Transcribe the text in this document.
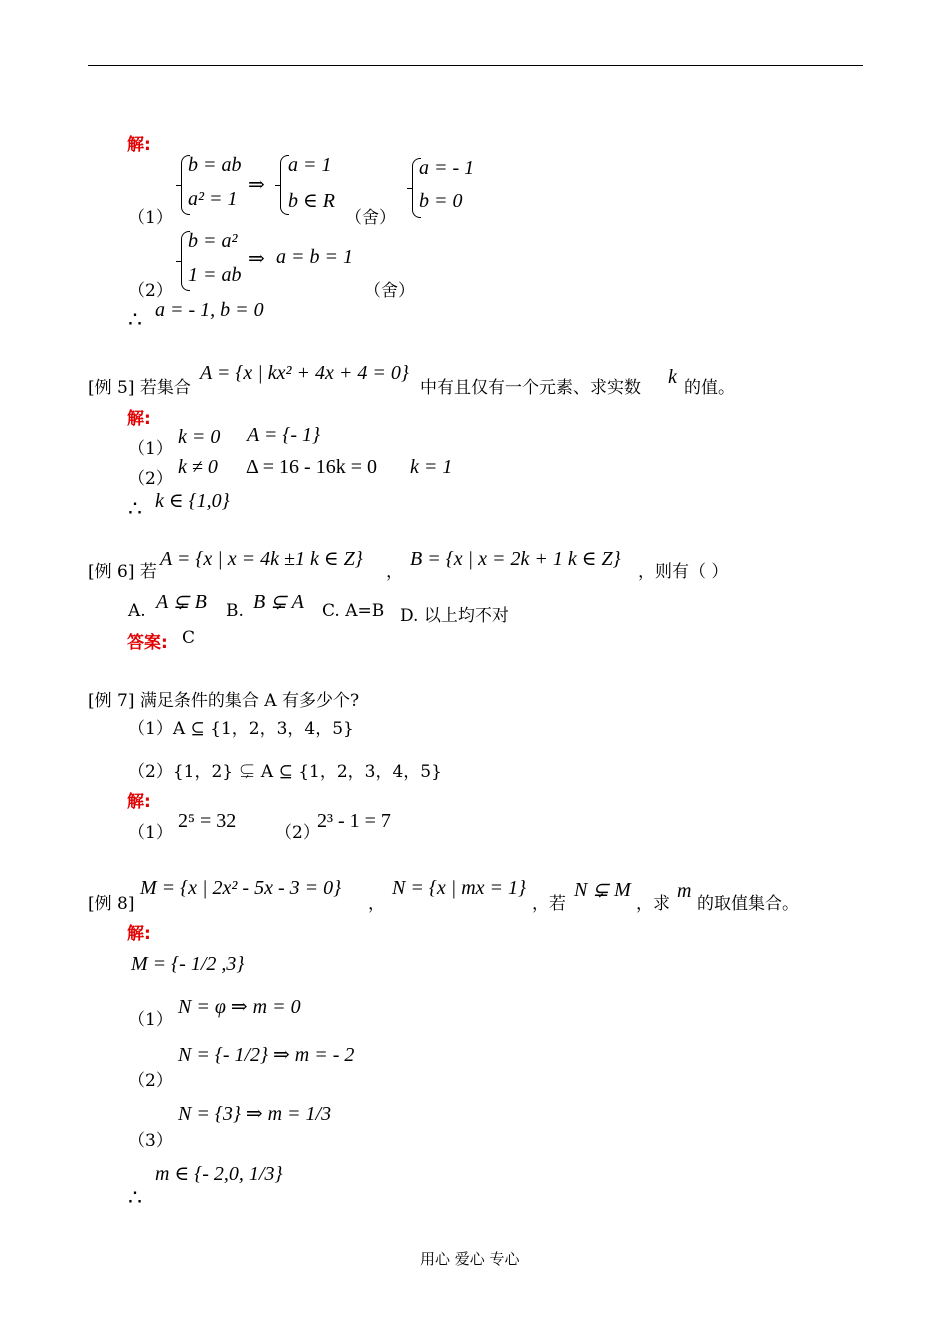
解:
（1）
b = ab
a² = 1
⇒
a = 1
b ∈ R
（舍）
a = - 1
b = 0
（2）
b = a²
1 = ab
⇒ a = b = 1
（舍）
∴ a = - 1, b = 0
[例 5] 若集合
A = {x | kx² + 4x + 4 = 0}
中有且仅有一个元素、求实数 k 的值。
解:
（1）
k = 0 A = {- 1}
（2）
k ≠ 0 Δ = 16 - 16k = 0 k = 1
∴ k ∈ {1,0}
[例 6] 若
A = {x | x = 4k ±1 k ∈ Z}
，
B = {x | x = 2k + 1 k ∈ Z}
，则有（ ）
A. A ⊊ B B. B ⊊ A C. A=B D. 以上均不对
答案: C
[例 7] 满足条件的集合 A 有多少个?
（1）A ⊆ {1，2，3，4，5}
（2）{1，2} ⊊ A ⊆ {1，2，3，4，5}
解:
（1）
2⁵ = 32
（2）
2³ - 1 = 7
[例 8]
M = {x | 2x² - 5x - 3 = 0}
，
N = {x | mx = 1}
，若
N ⊊ M
，求
m
的取值集合。
解:
M = {- 1/2 ,3}
（1）
N = φ ⇒ m = 0
（2）
N = {- 1/2} ⇒ m = - 2
（3）
N = {3} ⇒ m = 1/3
∴
m ∈ {- 2,0, 1/3}
用心 爱心 专心
